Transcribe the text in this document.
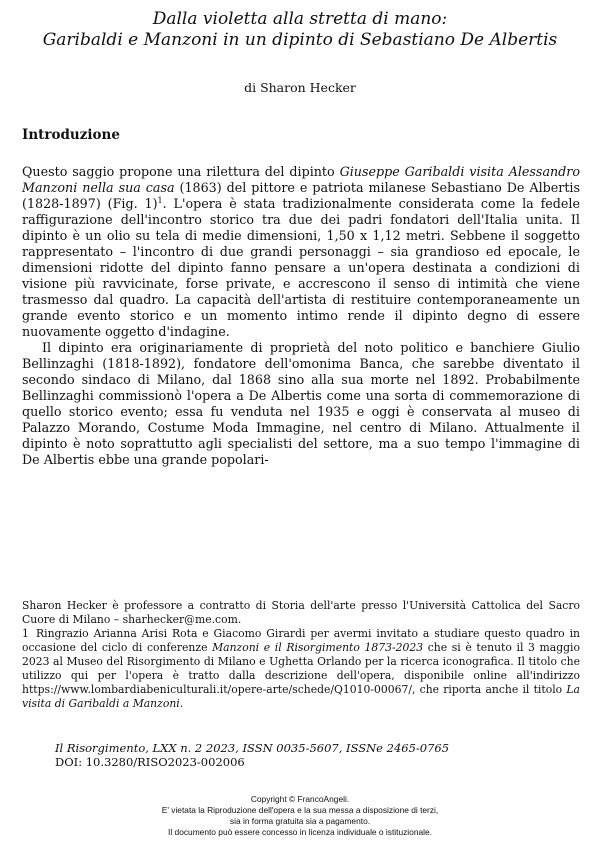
Dalla violetta alla stretta di mano:
Garibaldi e Manzoni in un dipinto di Sebastiano De Albertis
di Sharon Hecker
Introduzione

Questo saggio propone una rilettura del dipinto Giuseppe Garibaldi visita Alessandro Manzoni nella sua casa (1863) del pittore e patriota milanese Sebastiano De Albertis (1828-1897) (Fig. 1)$^1$. L'opera è stata tradizionalmente considerata come la fedele raffigurazione dell'incontro storico tra due dei padri fondatori dell'Italia unita. Il dipinto è un olio su tela di medie dimensioni, 1,50 x 1,12 metri. Sebbene il soggetto rappresentato – l'incontro di due grandi personaggi – sia grandioso ed epocale, le dimensioni ridotte del dipinto fanno pensare a un'opera destinata a condizioni di visione più ravvicinate, forse private, e accrescono il senso di intimità che viene trasmesso dal quadro. La capacità dell'artista di restituire contemporaneamente un grande evento storico e un momento intimo rende il dipinto degno di essere nuovamente oggetto d'indagine.

Il dipinto era originariamente di proprietà del noto politico e banchiere Giulio Bellinzaghi (1818-1892), fondatore dell'omonima Banca, che sarebbe diventato il secondo sindaco di Milano, dal 1868 sino alla sua morte nel 1892. Probabilmente Bellinzaghi commissionò l'opera a De Albertis come una sorta di commemorazione di quello storico evento; essa fu venduta nel 1935 e oggi è conservata al museo di Palazzo Morando, Costume Moda Immagine, nel centro di Milano. Attualmente il dipinto è noto soprattutto agli specialisti del settore, ma a suo tempo l'immagine di De Albertis ebbe una grande popolari-

Sharon Hecker è professore a contratto di Storia dell'arte presso l'Università Cattolica del Sacro Cuore di Milano – sharhecker@me.com.

1 Ringrazio Arianna Arisi Rota e Giacomo Girardi per avermi invitato a studiare questo quadro in occasione del ciclo di conferenze Manzoni e il Risorgimento 1873-2023 che si è tenuto il 3 maggio 2023 al Museo del Risorgimento di Milano e Ughetta Orlando per la ricerca iconografica. Il titolo che utilizzo qui per l'opera è tratto dalla descrizione dell'opera, disponibile online all'indirizzo https://www.lombardiabeniculturali.it/opere-arte/schede/Q1010-00067/, che riporta anche il titolo La visita di Garibaldi a Manzoni.

Il Risorgimento, LXX n. 2 2023, ISSN 0035-5607, ISSNe 2465-0765
DOI: 10.3280/RISO2023-002006
Copyright © FrancoAngeli.
E' vietata la Riproduzione dell'opera e la sua messa a disposizione di terzi,
sia in forma gratuita sia a pagamento.
Il documento può essere concesso in licenza individuale o istituzionale.
